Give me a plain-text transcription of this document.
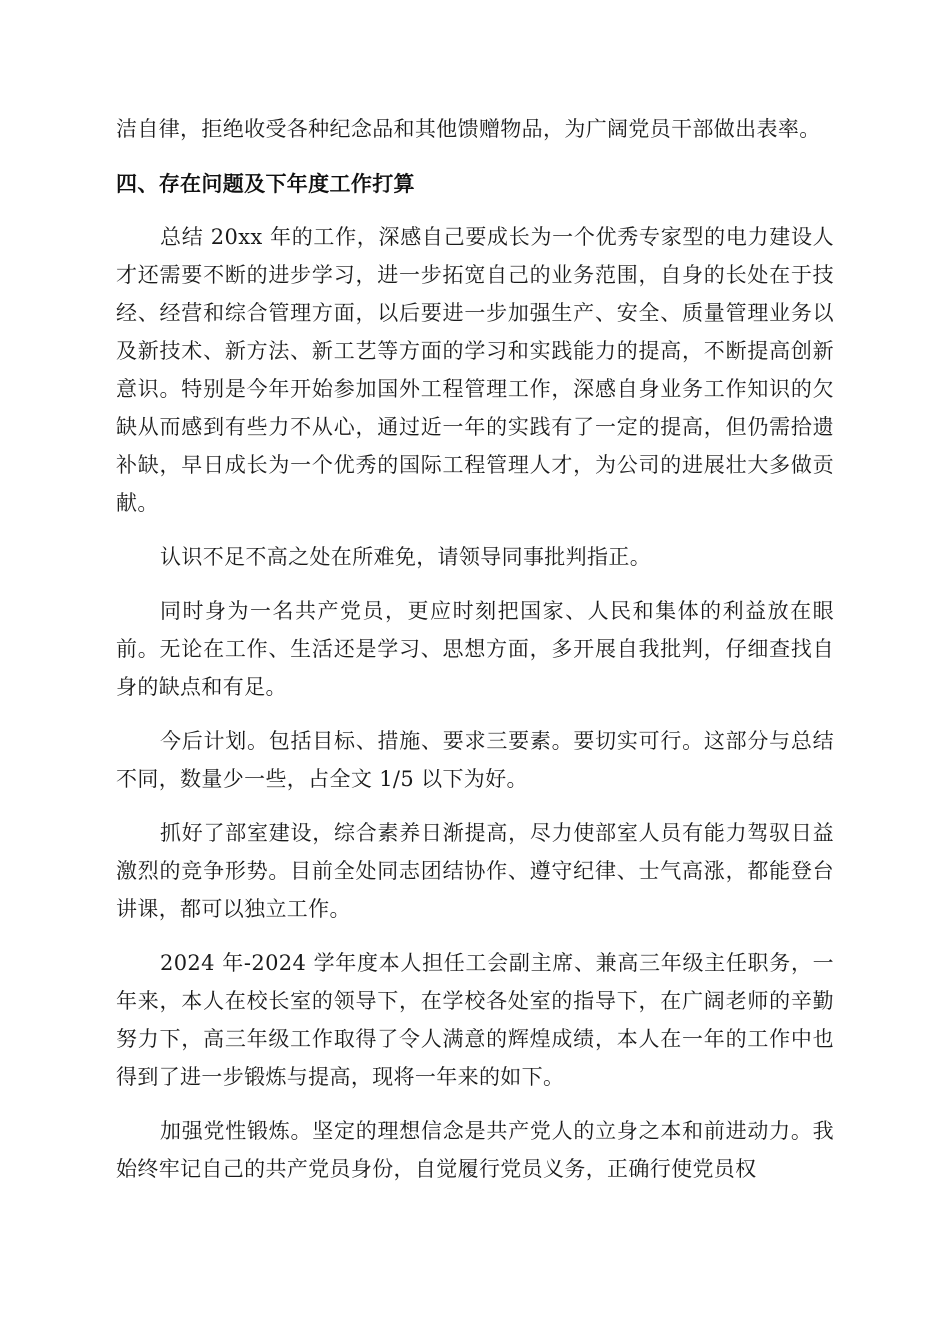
洁自律，拒绝收受各种纪念品和其他馈赠物品，为广阔党员干部做出表率。

四、存在问题及下年度工作打算

总结 20xx 年的工作，深感自己要成长为一个优秀专家型的电力建设人才还需要不断的进步学习，进一步拓宽自己的业务范围，自身的长处在于技经、经营和综合管理方面，以后要进一步加强生产、安全、质量管理业务以及新技术、新方法、新工艺等方面的学习和实践能力的提高，不断提高创新意识。特别是今年开始参加国外工程管理工作，深感自身业务工作知识的欠缺从而感到有些力不从心，通过近一年的实践有了一定的提高，但仍需拾遗补缺，早日成长为一个优秀的国际工程管理人才，为公司的进展壮大多做贡献。

认识不足不高之处在所难免，请领导同事批判指正。

同时身为一名共产党员，更应时刻把国家、人民和集体的利益放在眼前。无论在工作、生活还是学习、思想方面，多开展自我批判，仔细查找自身的缺点和有足。

今后计划。包括目标、措施、要求三要素。要切实可行。这部分与总结不同，数量少一些，占全文 1/5 以下为好。

抓好了部室建设，综合素养日渐提高，尽力使部室人员有能力驾驭日益激烈的竞争形势。目前全处同志团结协作、遵守纪律、士气高涨，都能登台讲课，都可以独立工作。

2024 年-2024 学年度本人担任工会副主席、兼高三年级主任职务，一年来，本人在校长室的领导下，在学校各处室的指导下，在广阔老师的辛勤努力下，高三年级工作取得了令人满意的辉煌成绩，本人在一年的工作中也得到了进一步锻炼与提高，现将一年来的如下。

加强党性锻炼。坚定的理想信念是共产党人的立身之本和前进动力。我始终牢记自己的共产党员身份，自觉履行党员义务，正确行使党员权
